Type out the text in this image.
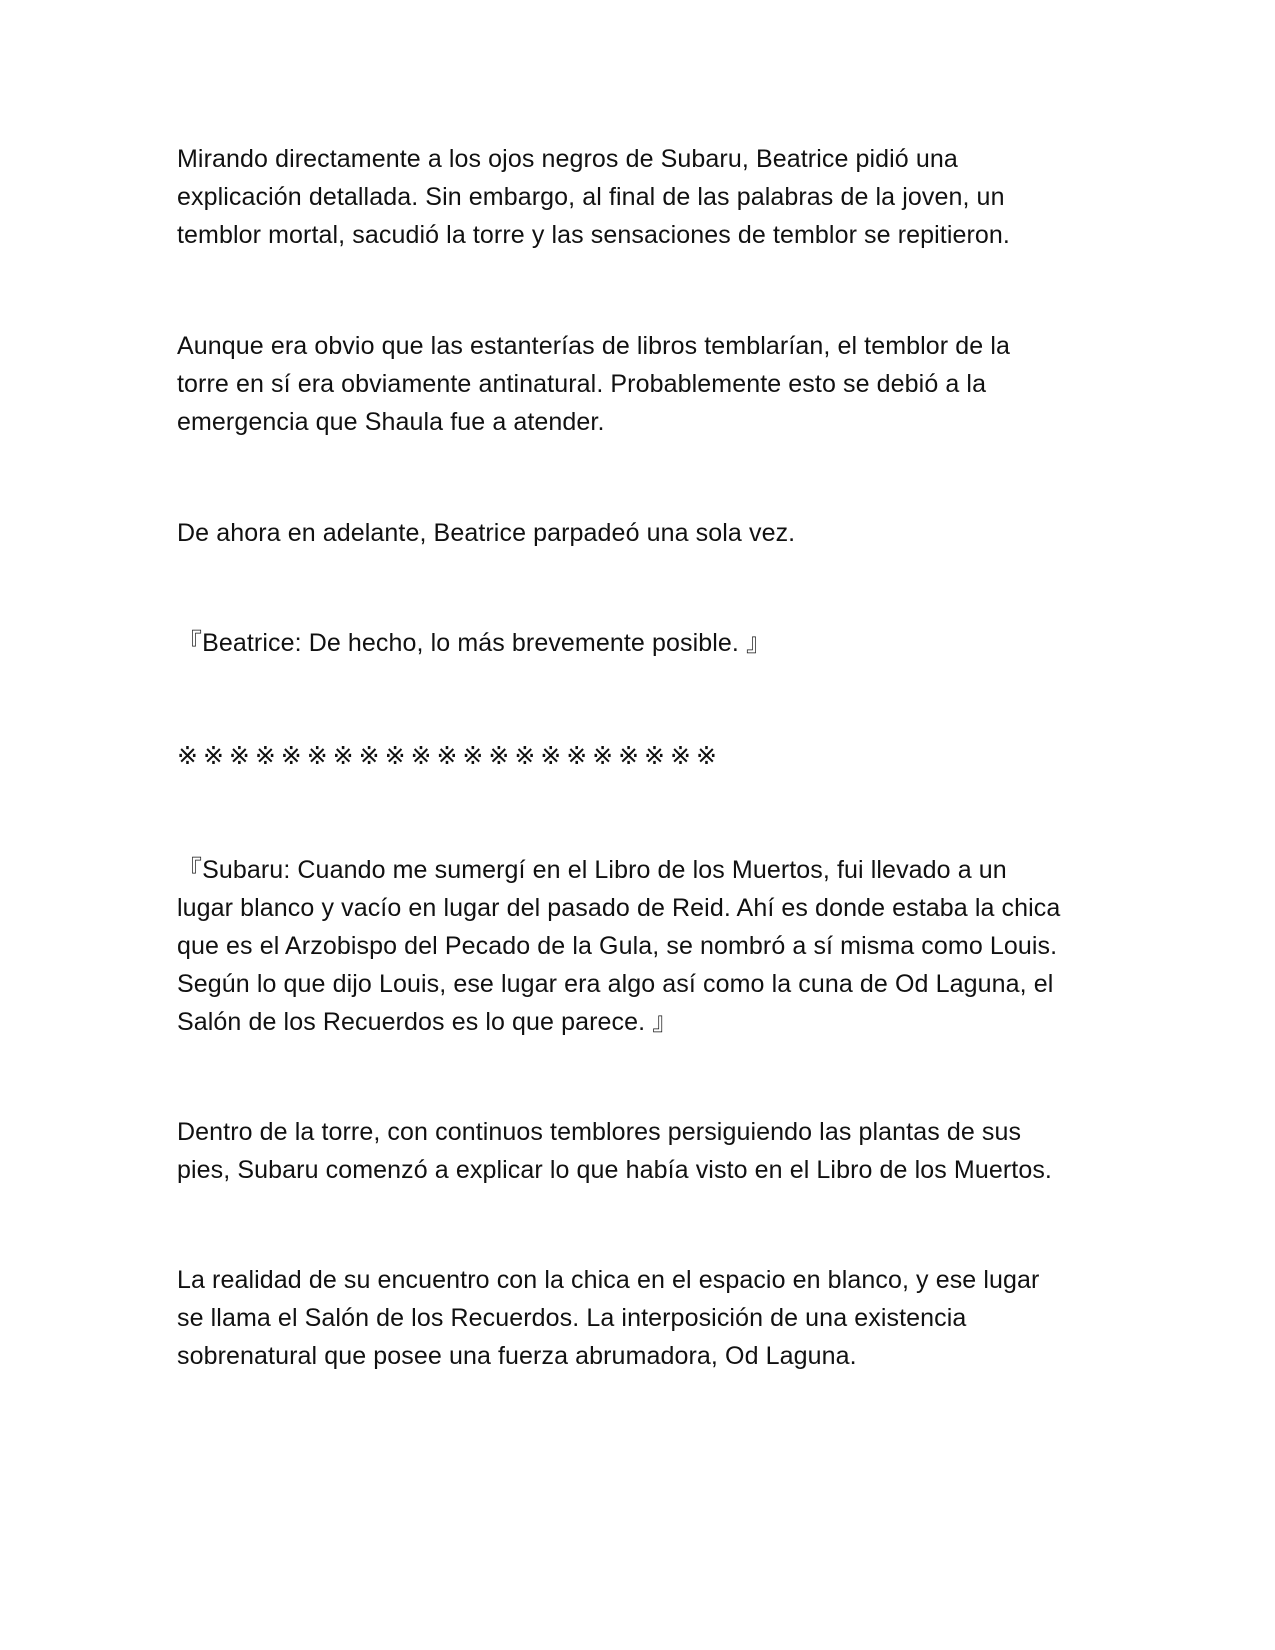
Mirando directamente a los ojos negros de Subaru, Beatrice pidió una
explicación detallada. Sin embargo, al final de las palabras de la joven, un
temblor mortal, sacudió la torre y las sensaciones de temblor se repitieron.
Aunque era obvio que las estanterías de libros temblarían, el temblor de la
torre en sí era obviamente antinatural. Probablemente esto se debió a la
emergencia que Shaula fue a atender.
De ahora en adelante, Beatrice parpadeó una sola vez.
『Beatrice: De hecho, lo más brevemente posible. 』
※※※※※※※※※※※※※※※※※※※※※
『Subaru: Cuando me sumergí en el Libro de los Muertos, fui llevado a un
lugar blanco y vacío en lugar del pasado de Reid. Ahí es donde estaba la chica
que es el Arzobispo del Pecado de la Gula, se nombró a sí misma como Louis.
Según lo que dijo Louis, ese lugar era algo así como la cuna de Od Laguna, el
Salón de los Recuerdos es lo que parece. 』
Dentro de la torre, con continuos temblores persiguiendo las plantas de sus
pies, Subaru comenzó a explicar lo que había visto en el Libro de los Muertos.
La realidad de su encuentro con la chica en el espacio en blanco, y ese lugar
se llama el Salón de los Recuerdos. La interposición de una existencia
sobrenatural que posee una fuerza abrumadora, Od Laguna.
